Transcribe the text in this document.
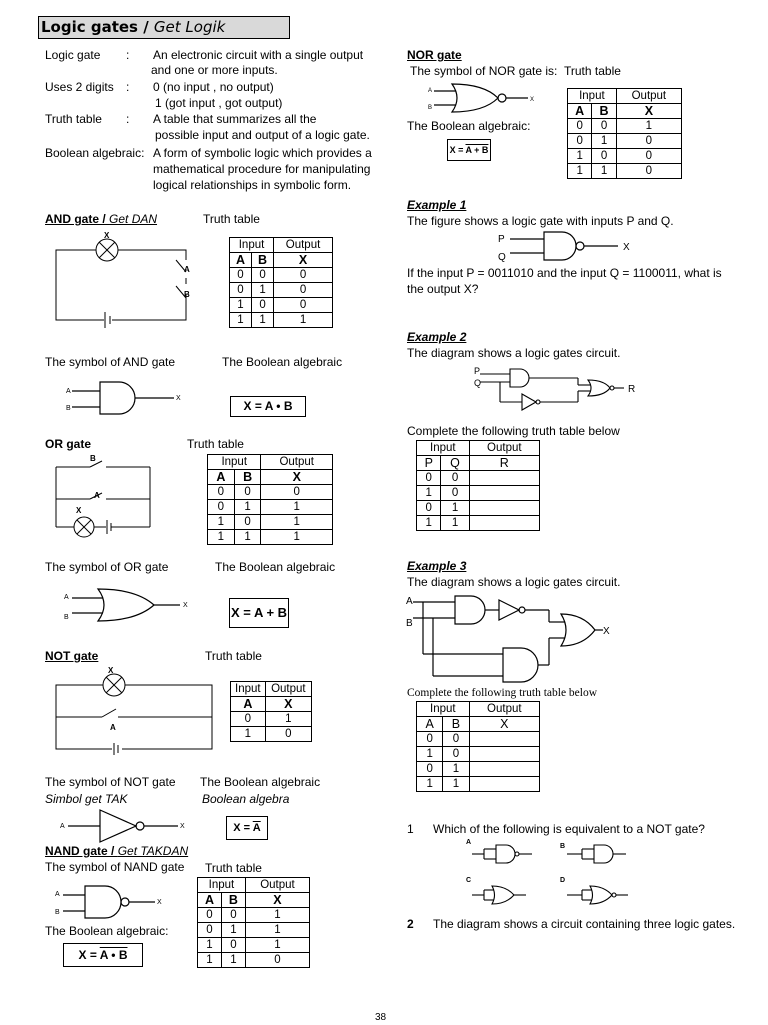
Logic gates / Get Logik
Logic gate : An electronic circuit with a single output
and one or more inputs.
Uses 2 digits : 0 (no input , no output)
1 (got input , got output)
Truth table : A table that summarizes all the
possible input and output of a logic gate.
Boolean algebraic: A form of symbolic logic which provides a
mathematical procedure for manipulating
logical relationships in symbolic form.
AND gate / Get DAN	Truth table
X
A
B
Input		Output
A	B	X
0	0	0
0	1	0
1	0	0
1	1	1
The symbol of AND gate	The Boolean algebraic
A
B
X
X = A • B
OR gate	Truth table
B
A
X
Input		Output
A	B	X
0	0	0
0	1	1
1	0	1
1	1	1
The symbol of OR gate	The Boolean algebraic
A
B
X	X = A + B
NOT gate	Truth table
X
A
Input	Output
A	X
0	1
1	0
The symbol of NOT gate
Simbol get TAK
The Boolean algebraic
Boolean algebra
A	X	$X = \overline{A}$
NAND gate / Get TAKDAN
The symbol of NAND gate Truth table
A
B
X
The Boolean algebraic:
X = A • B
Input		Output
A	B	X
0	0	1
0	1	1
1	0	1
1	1	0
NOR gate
The symbol of NOR gate is: Truth table
A
B
X
The Boolean algebraic:
X = A + B
Input		Output
A	B	X
0	0	1
0	1	0
1	0	0
1	1	0
Example 1
The figure shows a logic gate with inputs P and Q.
P
Q
X
If the input P = 0011010 and the input Q = 1100011, what is
the output X?
Example 2
The diagram shows a logic gates circuit.
P
Q
R
Complete the following truth table below
Input		Output
P	Q	R
0	0	
1	0	
0	1	
1	1	
Example 3
The diagram shows a logic gates circuit.
A
B
X
Complete the following truth table below
Input		Output
A	B	X
0	0	
1	0	
0	1	
1	1	
1 Which of the following is equivalent to a NOT gate?
A
B
C	D
2 The diagram shows a circuit containing three logic gates.
38
